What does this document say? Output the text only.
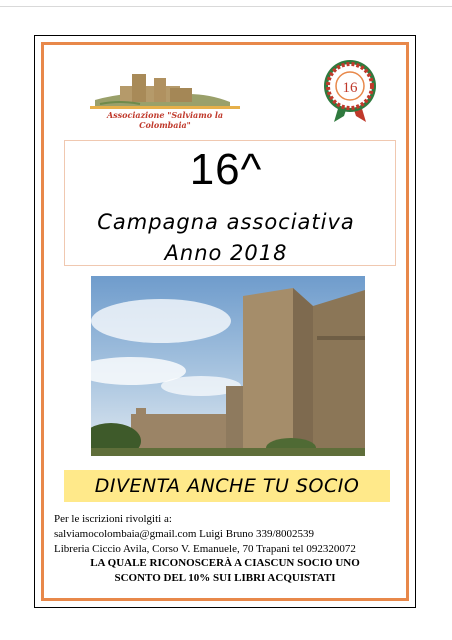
Associazione "Salviamo la Colombaia"
16
16^
Campagna associativa
Anno 2018
DIVENTA ANCHE TU SOCIO
Per le iscrizioni rivolgiti a:
salviamocolombaia@gmail.com Luigi Bruno 339/8002539
Libreria Ciccio Avila, Corso V. Emanuele, 70 Trapani tel 092320072
LA QUALE RICONOSCERÀ A CIASCUN SOCIO UNO
SCONTO DEL 10% SUI LIBRI ACQUISTATI
